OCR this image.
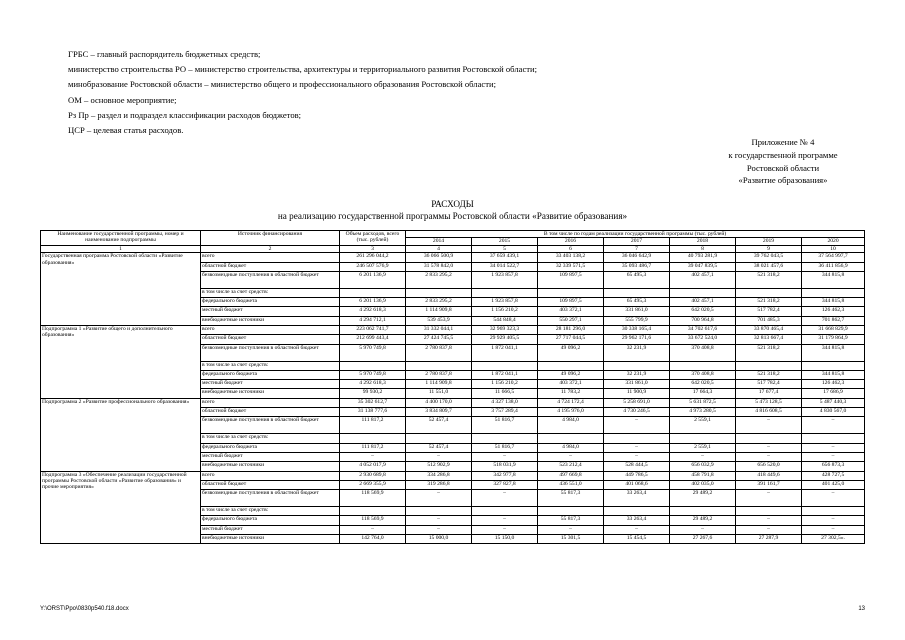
ГРБС – главный распорядитель бюджетных средств;
министерство строительства РО – министерство строительства, архитектуры и территориального развития Ростовской области;
минобразование Ростовской области – министерство общего и профессионального образования Ростовской области;
ОМ – основное мероприятие;
Рз Пр – раздел и подраздел классификации расходов бюджетов;
ЦСР – целевая статья расходов.
Приложение № 4
к государственной программе
Ростовской области
«Развитие образования»
РАСХОДЫ
на реализацию государственной программы Ростовской области «Развитие образования»
Наименование государственной программы, номер и наименование подпрограммы	Источник финансирования	Объем расходов, всего (тыс. рублей)	В том числе по годам реализации государственной программы (тыс. рублей)						
			2014	2015	2016	2017	2018	2019	2020
1	2	3	4	5	6	7	8	9	10
Государственная программа Ростовской области «Развитие образования»	всего	261 296 044,2	36 066 500,9	37 659 439,1	33 403 138,2	36 046 642,9	40 793 281,9	39 762 043,5	37 564 997,7
	областной бюджет	246 507 576,9	31 578 842,0	34 014 522,7	32 339 571,5	35 093 486,7	39 047 839,5	38 021 457,6	36 411 856,9
	безвозмездные поступления в областной бюджет	6 201 136,9	2 833 295,2	1 923 857,8	109 897,5	65 495,3	402 457,1	521 318,2	344 815,8
	в том числе за счет средств:								
	федерального бюджета	6 201 136,9	2 833 295,2	1 923 857,8	109 897,5	65 495,3	402 457,1	521 318,2	344 815,8
	местный бюджет	4 292 618,3	1 114 909,8	1 156 210,2	403 372,1	331 861,0	642 020,5	517 782,4	126 462,3
	внебюджетные источники	4 294 712,1	539 453,9	544 848,4	550 297,1	555 799,9	700 964,8	701 485,3	701 862,7
Подпрограмма 1 «Развитие общего и дополнительного образования»	всего	223 062 741,7	31 332 044,1	32 969 323,3	28 181 296,0	30 338 165,4	34 702 617,6	33 870 465,4	31 668 829,9
	областной бюджет	212 699 443,4	27 424 745,5	29 929 405,5	27 717 044,5	29 962 171,6	33 672 524,0	32 813 667,4	31 179 864,9
	безвозмездные поступления в областной бюджет	5 970 749,8	2 780 837,8	1 872 041,1	49 096,2	32 231,9	370 408,8	521 318,2	344 815,8
	в том числе за счет средств:								
	федерального бюджета	5 970 749,8	2 780 837,8	1 872 041,1	49 096,2	32 231,9	370 408,8	521 318,2	344 815,8
	местный бюджет	4 292 618,3	1 114 909,8	1 156 210,2	403 372,1	331 861,0	642 020,5	517 782,4	126 462,3
	внебюджетные источники	99 930,2	11 551,0	11 666,5	11 783,2	11 900,9	17 664,3	17 677,4	17 686,9
Подпрограмма 2 «Развитие профессионального образования»	всего	35 302 612,7	4 400 170,0	4 327 138,0	4 724 172,4	5 258 691,0	5 631 872,5	5 473 128,5	5 487 440,3
	областной бюджет	31 138 777,6	3 834 809,7	3 757 289,4	4 195 976,0	4 730 246,5	4 973 280,5	4 816 608,5	4 830 567,0
	безвозмездные поступления в областной бюджет	111 817,2	52 457,4	51 816,7	4 984,0	–	2 559,1	–	–
	в том числе за счет средств:								
	федерального бюджета	111 817,2	52 457,4	51 816,7	4 984,0	–	2 559,1	–	–
	местный бюджет	–	–	–	–	–	–	–	–
	внебюджетные источники	4 052 017,9	512 902,9	518 031,9	523 212,4	528 444,5	656 032,9	656 520,0	656 873,3
Подпрограмма 3 «Обеспечение реализации государственной программы Ростовской области «Развитие образования» и прочие мероприятия»	всего	2 930 689,8	334 286,8	342 977,8	497 669,8	449 786,5	458 791,8	418 449,6	428 727,5
	областной бюджет	2 669 355,9	319 286,8	327 827,8	436 551,0	401 068,6	402 035,0	391 161,7	401 425,0
	безвозмездные поступления в областной бюджет	118 569,9	–	–	55 817,3	33 263,4	29 489,2	–	–
	в том числе за счет средств:								
	федерального бюджета	118 569,9	–	–	55 817,3	33 263,4	29 489,2	–	–
	местный бюджет	–	–	–	–	–	–	–	–
	внебюджетные источники	142 764,0	15 000,0	15 150,0	15 301,5	15 454,5	27 267,6	27 287,9	27 302,5».
Y:\ORST\Ppo\0830p540.f18.docx	13
